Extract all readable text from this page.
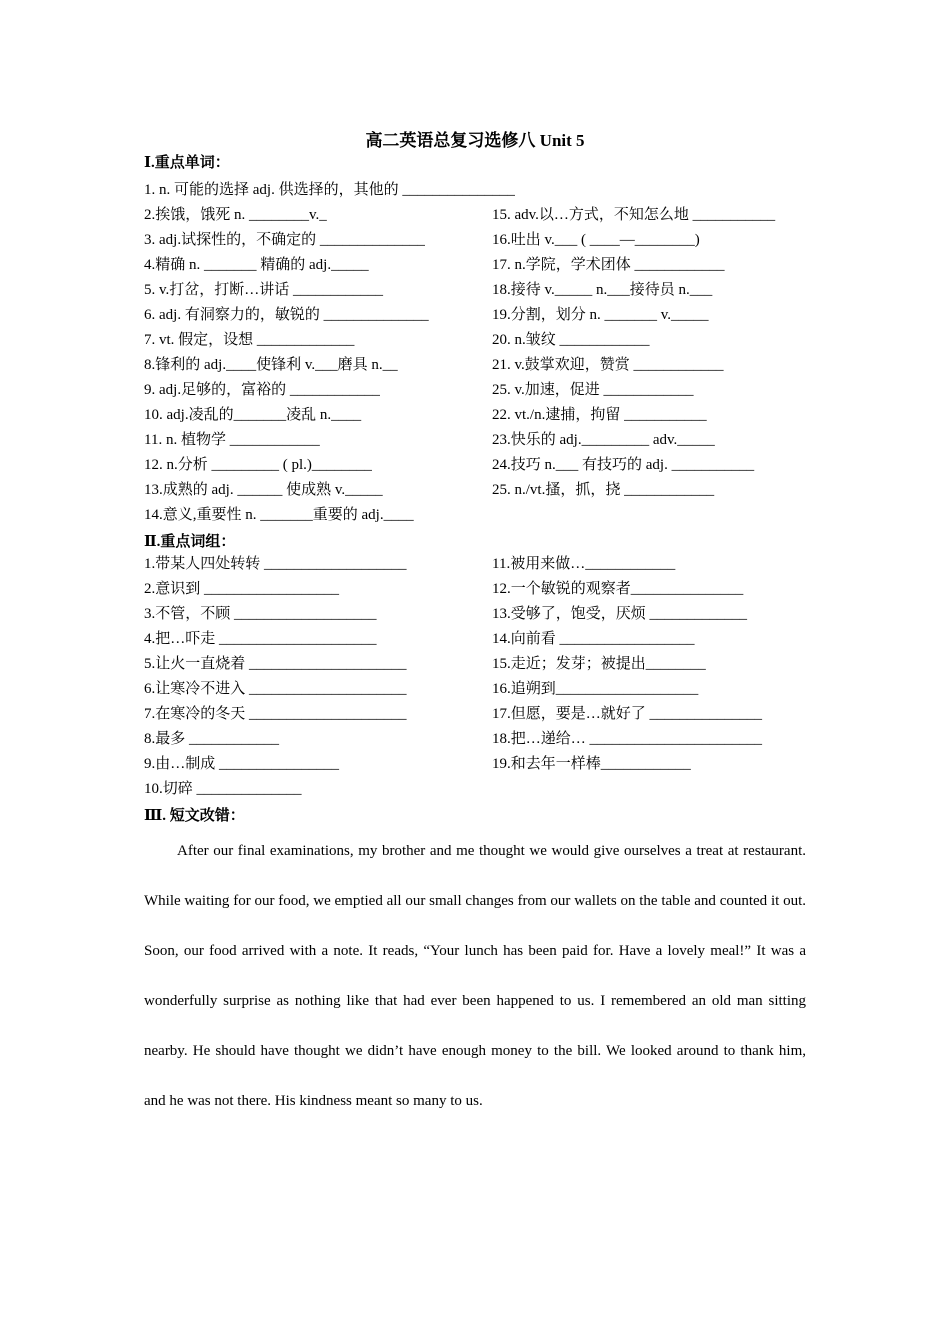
高二英语总复习选修八 Unit 5
Ⅰ.重点单词：
1. n. 可能的选择 adj. 供选择的，其他的 _______________
2.挨饿，饿死 n. ________v._
3. adj.试探性的，不确定的 ______________
4.精确 n. _______ 精确的 adj._____
5. v.打岔，打断…讲话 ____________
6. adj. 有洞察力的，敏锐的 ______________
7. vt. 假定，设想 _____________
8.锋利的 adj.____使锋利 v.___磨具 n.__
9. adj.足够的，富裕的 ____________
10. adj.凌乱的_______凌乱 n.____
11. n. 植物学 ____________
12. n.分析 _________ ( pl.)________
13.成熟的 adj. ______ 使成熟 v._____
14.意义,重要性 n. _______重要的 adj.____
15. adv.以…方式，不知怎么地 ___________
16.吐出 v.___ ( ____—________)
17. n.学院，学术团体 ____________
18.接待 v._____ n.___接待员 n.___
19.分割，划分 n. _______ v._____
20. n.皱纹 ____________
21. v.鼓掌欢迎，赞赏 ____________
25. v.加速，促进 ____________
22. vt./n.逮捕，拘留 ___________
23.快乐的 adj._________ adv._____
24.技巧 n.___ 有技巧的 adj. ___________
25. n./vt.搔，抓，挠 ____________
Ⅱ.重点词组：
1.带某人四处转转 ___________________
2.意识到 __________________
3.不管，不顾 ___________________
4.把…吓走 _____________________
5.让火一直烧着 _____________________
6.让寒冷不进入 _____________________
7.在寒冷的冬天 _____________________
8.最多 ____________
9.由…制成 ________________
10.切碎 ______________
11.被用来做…____________
12.一个敏锐的观察者_______________
13.受够了，饱受，厌烦 _____________
14.向前看 __________________
15.走近；发芽；被提出________
16.追朔到___________________
17.但愿，要是…就好了 _______________
18.把…递给… _______________________
19.和去年一样棒____________
Ⅲ. 短文改错：
After our final examinations, my brother and me thought we would give ourselves a treat at restaurant. While waiting for our food, we emptied all our small changes from our wallets on the table and counted it out. Soon, our food arrived with a note. It reads, “Your lunch has been paid for. Have a lovely meal!” It was a wonderfully surprise as nothing like that had ever been happened to us. I remembered an old man sitting nearby. He should have thought we didn’t have enough money to the bill. We looked around to thank him, and he was not there. His kindness meant so many to us.
